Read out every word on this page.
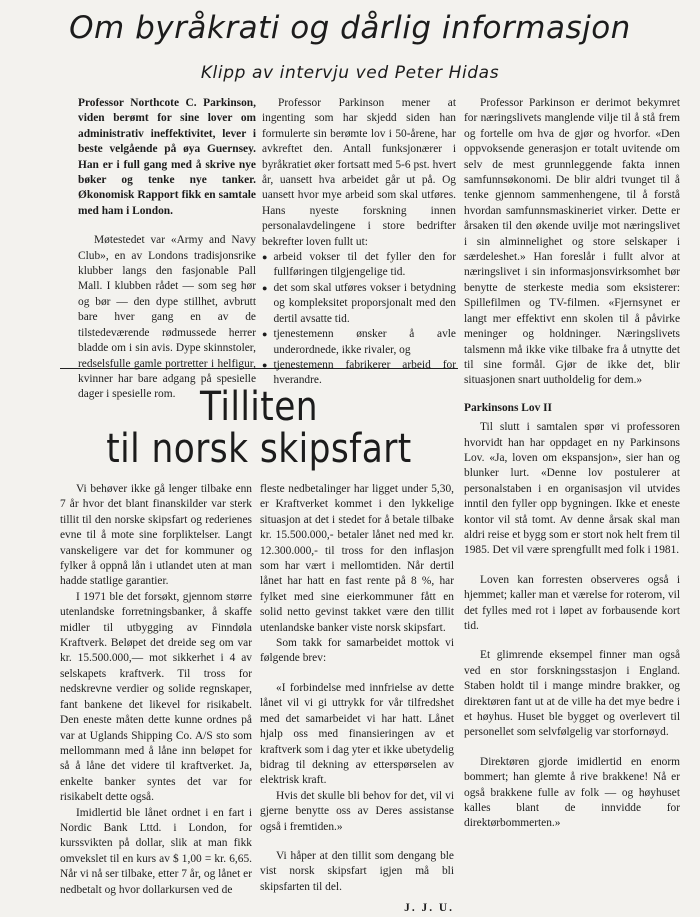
Om byråkrati og dårlig informasjon
Klipp av intervju ved Peter Hidas

Professor Northcote C. Parkinson, viden berømt for sine lover om administrativ ineffektivitet, lever i beste velgående på øya Guernsey. Han er i full gang med å skrive nye bøker og tenke nye tanker. Økonomisk Rapport fikk en samtale med ham i London.

Møtestedet var «Army and Navy Club», en av Londons tradisjonsrike klubber langs den fasjonable Pall Mall. I klubben rådet — som seg hør og bør — den dype stillhet, avbrutt bare hver gang en av de tilstedeværende rødmussede herrer bladde om i sin avis. Dype skinnstoler, redselsfulle gamle portretter i helfigur, kvinner har bare adgang på spesielle dager i spesielle rom.

Professor Parkinson mener at ingenting som har skjedd siden han formulerte sin berømte lov i 50-årene, har avkreftet den. Antall funksjonærer i byråkratiet øker fortsatt med 5-6 pst. hvert år, uansett hva arbeidet går ut på. Og uansett hvor mye arbeid som skal utføres. Hans nyeste forskning innen personalavdelingene i store bedrifter bekrefter loven fullt ut:

● arbeid vokser til det fyller den for fullføringen tilgjengelige tid.
● det som skal utføres vokser i betydning og kompleksitet proporsjonalt med den dertil avsatte tid.
● tjenestemenn ønsker å avle underordnede, ikke rivaler, og
● tjenestemenn fabrikerer arbeid for hverandre.

Professor Parkinson er derimot bekymret for næringslivets manglende vilje til å stå frem og fortelle om hva de gjør og hvorfor. «Den oppvoksende generasjon er totalt uvitende om selv de mest grunnleggende fakta innen samfunnsøkonomi. De blir aldri tvunget til å tenke gjennom sammenhengene, til å forstå hvordan samfunnsmaskineriet virker. Dette er årsaken til den økende uvilje mot næringslivet i sin alminnelighet og store selskaper i særdeleshet.» Han foreslår i fullt alvor at næringslivet i sin informasjonsvirksomhet bør benytte de sterkeste media som eksisterer: Spillefilmen og TV-filmen. «Fjernsynet er langt mer effektivt enn skolen til å påvirke meninger og holdninger. Næringslivets talsmenn må ikke vike tilbake fra å utnytte det til sine formål. Gjør de ikke det, blir situasjonen snart uutholdelig for dem.»

Parkinsons Lov II

Til slutt i samtalen spør vi professoren hvorvidt han har oppdaget en ny Parkinsons Lov. «Ja, loven om ekspansjon», sier han og blunker lurt. «Denne lov postulerer at personalstaben i en organisasjon vil utvides inntil den fyller opp bygningen. Ikke et eneste kontor vil stå tomt. Av denne årsak skal man aldri reise et bygg som er stort nok helt frem til 1985. Det vil være sprengfullt med folk i 1981.

Loven kan forresten observeres også i hjemmet; kaller man et værelse for roterom, vil det fylles med rot i løpet av forbausende kort tid.

Et glimrende eksempel finner man også ved en stor forskningsstasjon i England. Staben holdt til i mange mindre brakker, og direktøren fant ut at de ville ha det mye bedre i et høyhus. Huset ble bygget og overlevert til personellet som selvfølgelig var storfornøyd.

Direktøren gjorde imidlertid en enorm bommert; han glemte å rive brakkene! Nå er også brakkene fulle av folk — og høyhuset kalles blant de innvidde for direktørbommerten.»

Tilliten
til norsk skipsfart

Vi behøver ikke gå lenger tilbake enn 7 år hvor det blant finanskilder var sterk tillit til den norske skipsfart og rederienes evne til å mote sine forpliktelser. Langt vanskeligere var det for kommuner og fylker å oppnå lån i utlandet uten at man hadde statlige garantier.

I 1971 ble det forsøkt, gjennom større utenlandske forretningsbanker, å skaffe midler til utbygging av Finndøla Kraftverk. Beløpet det dreide seg om var kr. 15.500.000,— mot sikkerhet i 4 av selskapets kraftverk. Til tross for nedskrevne verdier og solide regnskaper, fant bankene det likevel for risikabelt. Den eneste måten dette kunne ordnes på var at Uglands Shipping Co. A/S sto som mellommann med å låne inn beløpet for så å låne det videre til kraftverket. Ja, enkelte banker syntes det var for risikabelt dette også.

Imidlertid ble lånet ordnet i en fart i Nordic Bank Lttd. i London, for kurssvikten på dollar, slik at man fikk omvekslet til en kurs av $ 1,00 = kr. 6,65. Når vi nå ser tilbake, etter 7 år, og lånet er nedbetalt og hvor dollarkursen ved de

fleste nedbetalinger har ligget under 5,30, er Kraftverket kommet i den lykkelige situasjon at det i stedet for å betale tilbake kr. 15.500.000,- betaler lånet ned med kr. 12.300.000,- til tross for den inflasjon som har vært i mellomtiden. Når dertil lånet har hatt en fast rente på 8 %, har fylket med sine eierkommuner fått en solid netto gevinst takket være den tillit utenlandske banker viste norsk skipsfart.

Som takk for samarbeidet mottok vi følgende brev:

«I forbindelse med innfrielse av dette lånet vil vi gi uttrykk for vår tilfredshet med det samarbeidet vi har hatt. Lånet hjalp oss med finansieringen av et kraftverk som i dag yter et ikke ubetydelig bidrag til dekning av etterspørselen av elektrisk kraft.

Hvis det skulle bli behov for det, vil vi gjerne benytte oss av Deres assistanse også i fremtiden.»

Vi håper at den tillit som dengang ble vist norsk skipsfart igjen må bli skipsfarten til del.

J. J. U.
